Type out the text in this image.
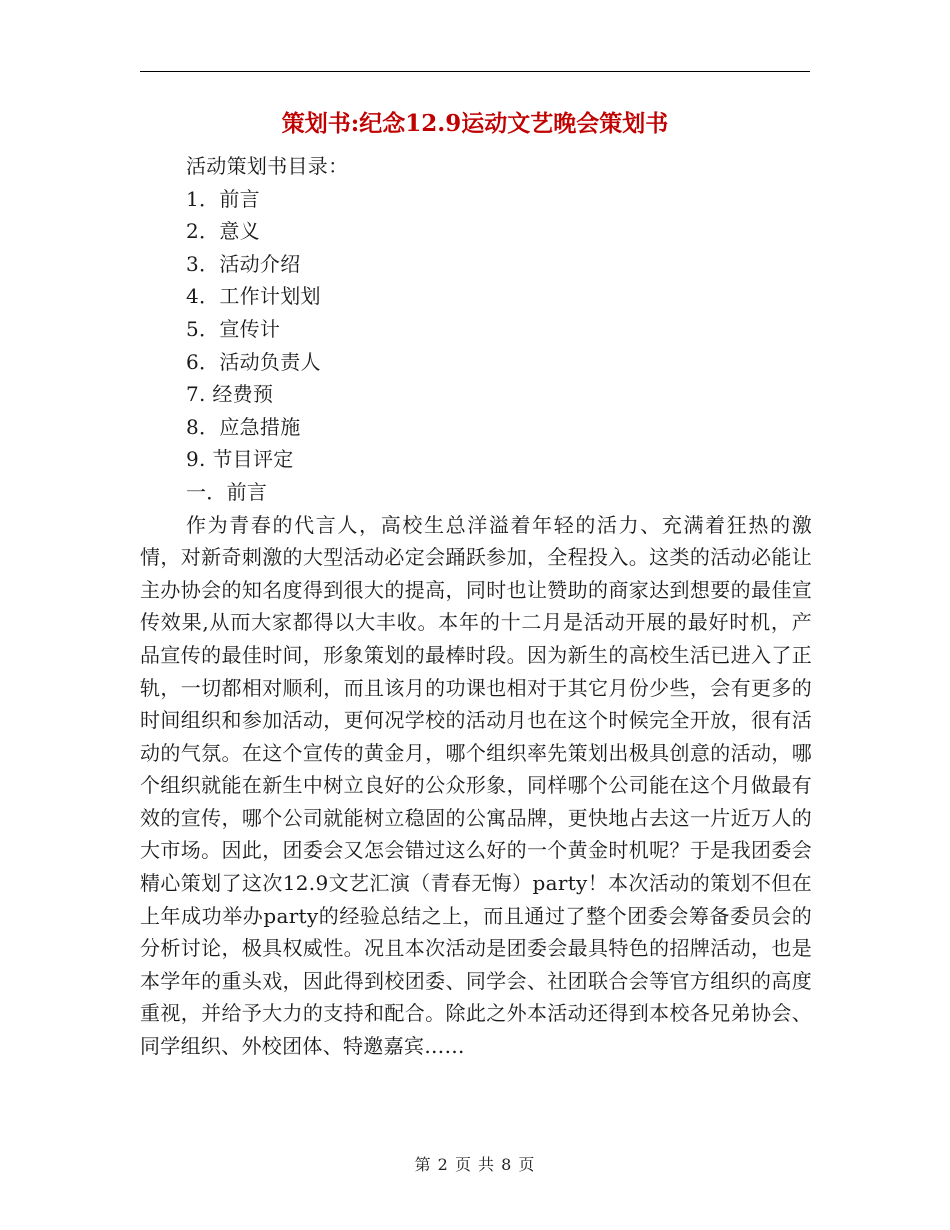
策划书:纪念12.9运动文艺晚会策划书
活动策划书目录：
1．前言
2．意义
3．活动介绍
4．工作计划划
5．宣传计
6．活动负责人
7. 经费预
8．应急措施
9. 节目评定
一．前言

作为青春的代言人，高校生总洋溢着年轻的活力、充满着狂热的激情，对新奇刺激的大型活动必定会踊跃参加，全程投入。这类的活动必能让主办协会的知名度得到很大的提高，同时也让赞助的商家达到想要的最佳宣传效果,从而大家都得以大丰收。本年的十二月是活动开展的最好时机，产品宣传的最佳时间，形象策划的最棒时段。因为新生的高校生活已进入了正轨，一切都相对顺利，而且该月的功课也相对于其它月份少些，会有更多的时间组织和参加活动，更何况学校的活动月也在这个时候完全开放，很有活动的气氛。在这个宣传的黄金月，哪个组织率先策划出极具创意的活动，哪个组织就能在新生中树立良好的公众形象，同样哪个公司能在这个月做最有效的宣传，哪个公司就能树立稳固的公寓品牌，更快地占去这一片近万人的大市场。因此，团委会又怎会错过这么好的一个黄金时机呢？于是我团委会精心策划了这次12.9文艺汇演（青春无悔）party！本次活动的策划不但在上年成功举办party的经验总结之上，而且通过了整个团委会筹备委员会的分析讨论，极具权威性。况且本次活动是团委会最具特色的招牌活动，也是本学年的重头戏，因此得到校团委、同学会、社团联合会等官方组织的高度重视，并给予大力的支持和配合。除此之外本活动还得到本校各兄弟协会、同学组织、外校团体、特邀嘉宾……

第 2 页 共 8 页
